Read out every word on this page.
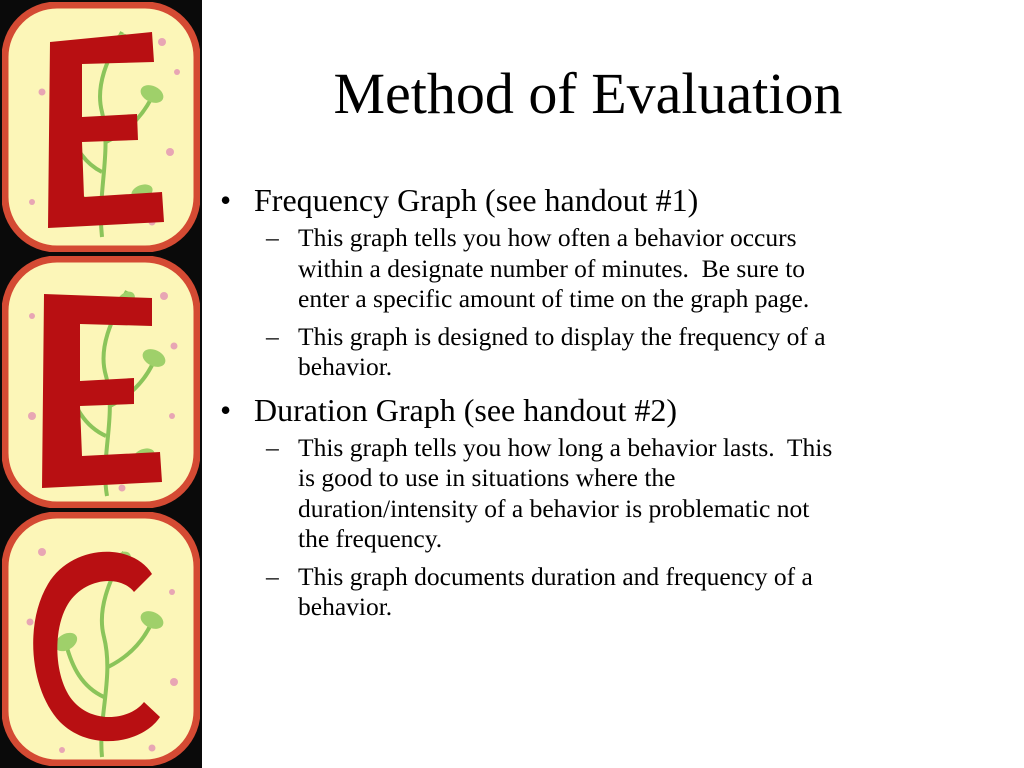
Method of Evaluation
• Frequency Graph (see handout #1)
– This graph tells you how often a behavior occurs
within a designate number of minutes.  Be sure to
enter a specific amount of time on the graph page.
– This graph is designed to display the frequency of a
behavior.
• Duration Graph (see handout #2)
– This graph tells you how long a behavior lasts.  This
is good to use in situations where the
duration/intensity of a behavior is problematic not
the frequency.
– This graph documents duration and frequency of a
behavior.
